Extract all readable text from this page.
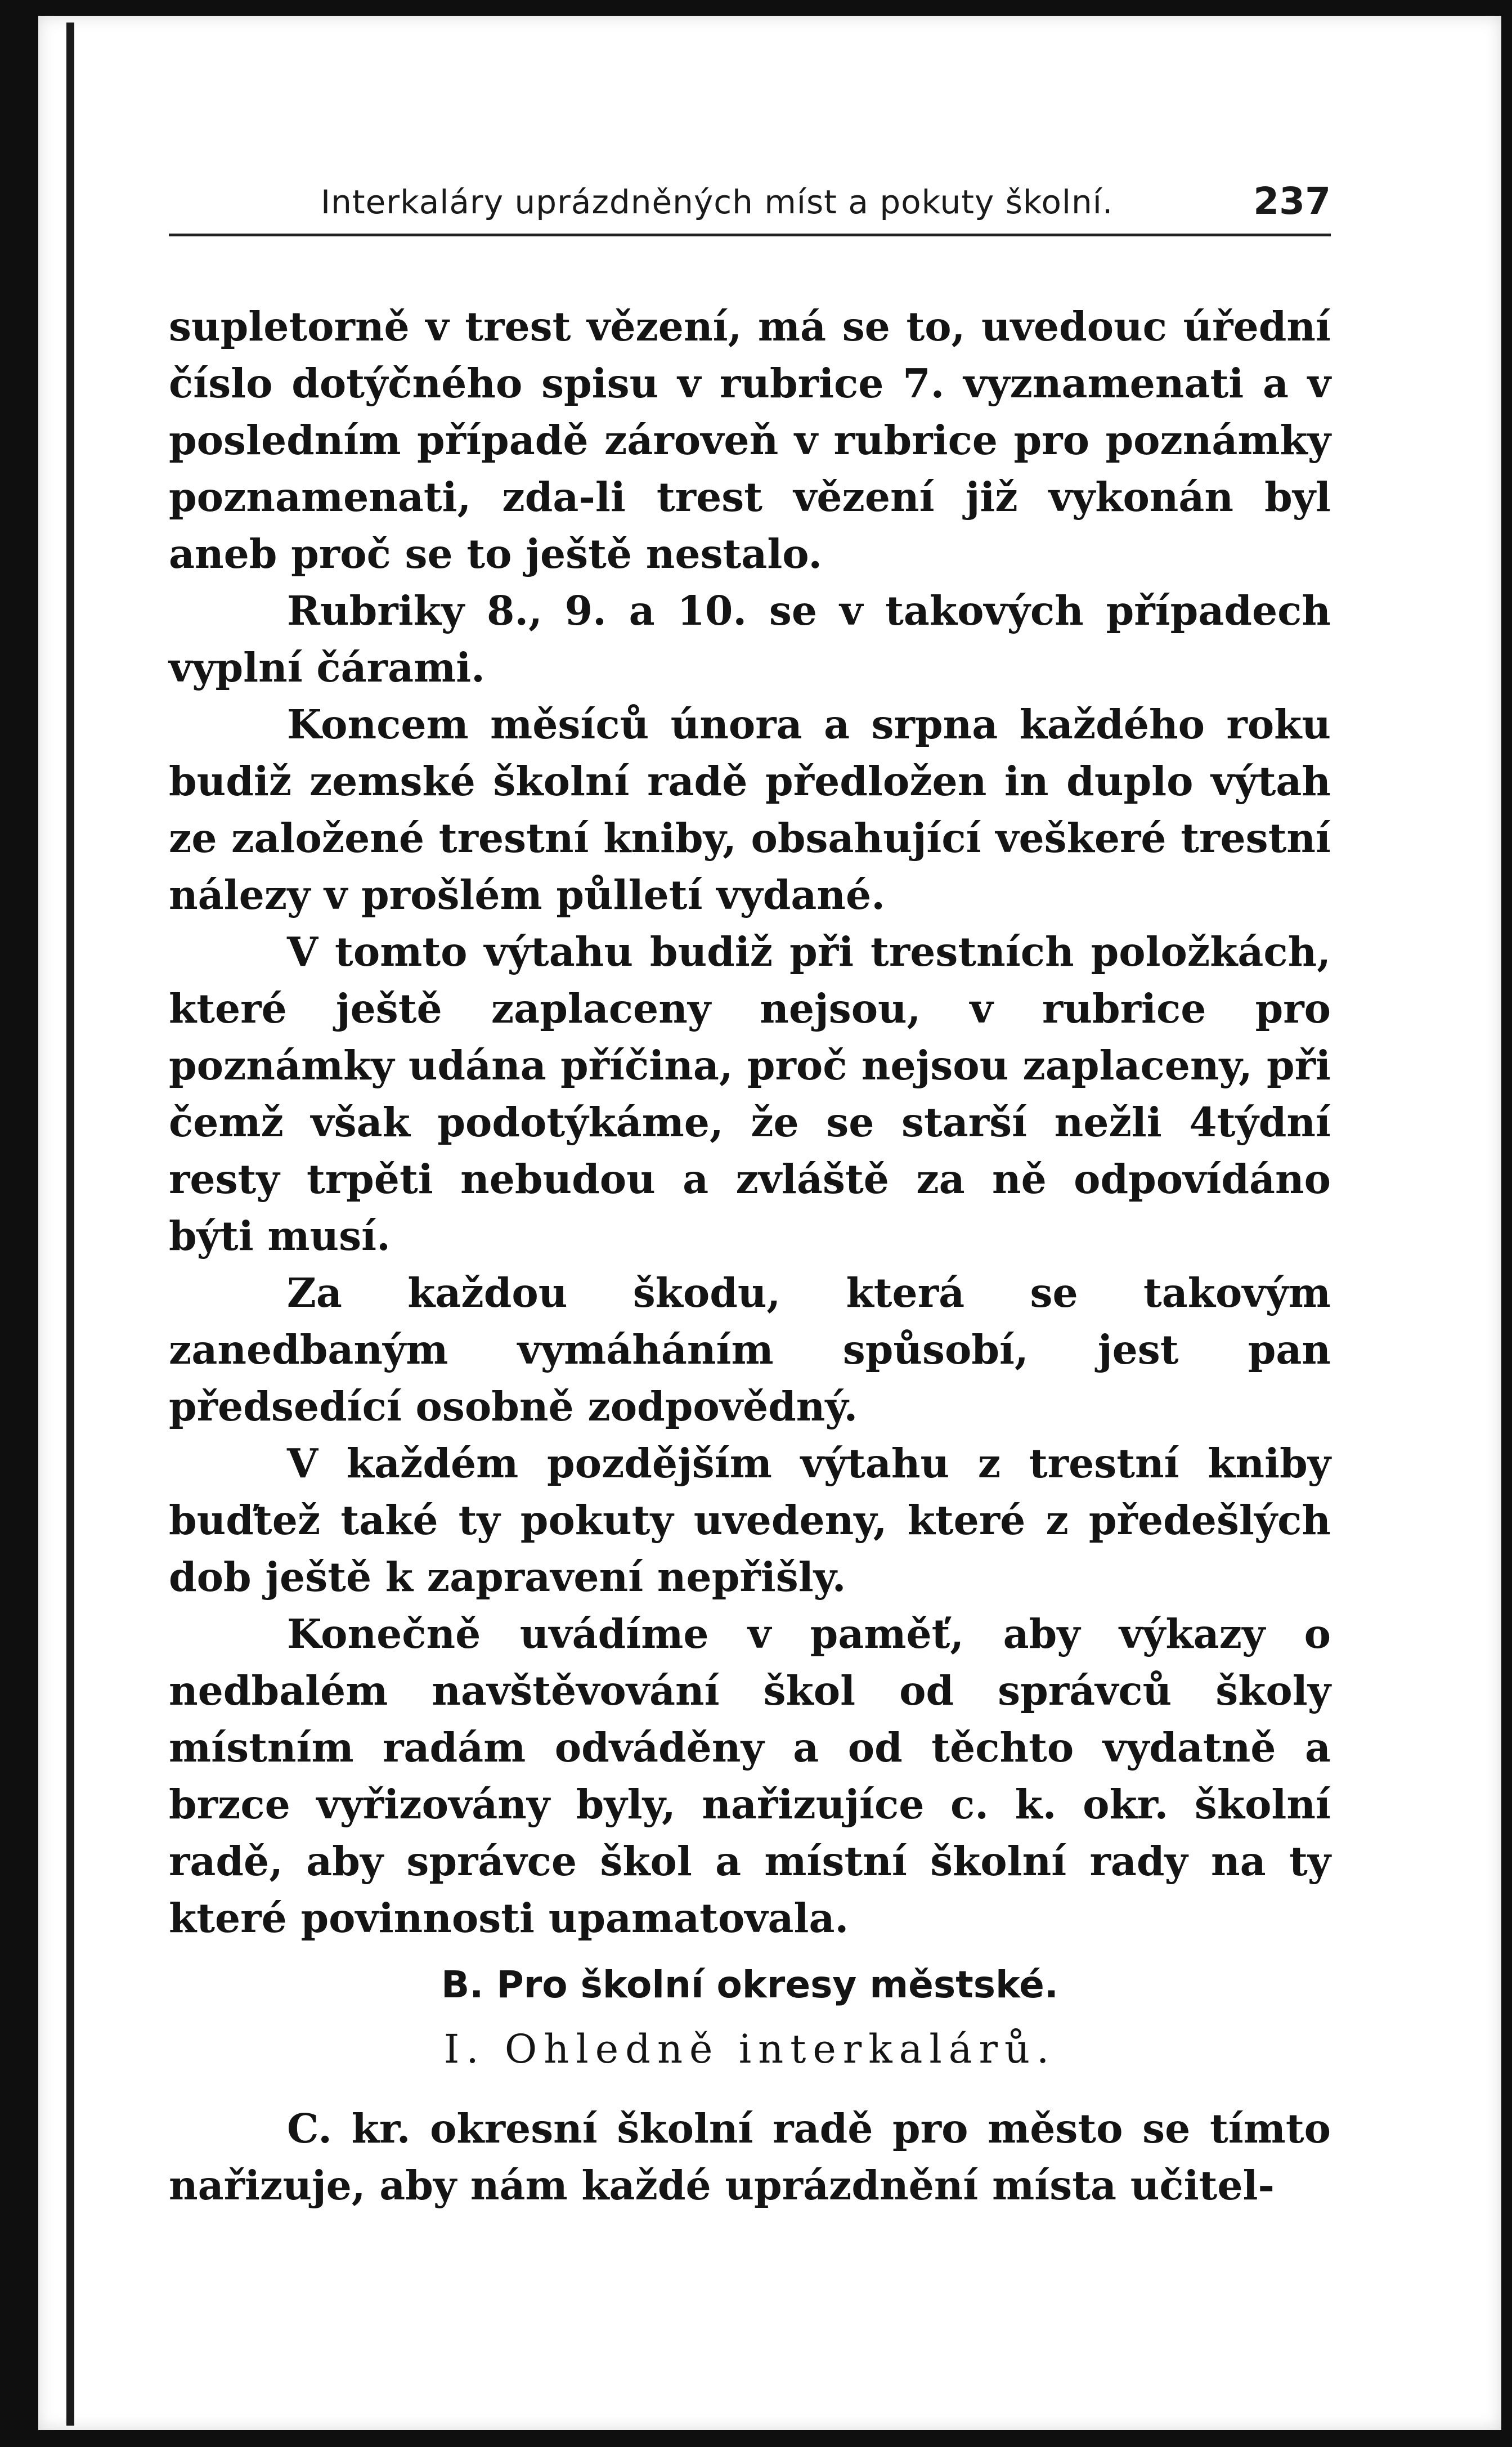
Interkaláry uprázdněných míst a pokuty školní.	237

supletorně v trest vězení, má se to, uvedouc úřední číslo dotýčného spisu v rubrice 7. vyznamenati a v posledním případě zároveň v rubrice pro poznámky poznamenati, zda-li trest vězení již vykonán byl aneb proč se to ještě nestalo.

Rubriky 8., 9. a 10. se v takových případech vyplní čárami.

Koncem měsíců února a srpna každého roku budiž zemské školní radě předložen in duplo výtah ze založené trestní kniby, obsahující veškeré trestní nálezy v prošlém půlletí vydané.

V tomto výtahu budiž při trestních položkách, které ještě zaplaceny nejsou, v rubrice pro poznámky udána příčina, proč nejsou zaplaceny, při čemž však podotýkáme, že se starší nežli 4týdní resty trpěti nebudou a zvláště za ně odpovídáno býti musí.

Za každou škodu, která se takovým zanedbaným vymáháním spůsobí, jest pan předsedící osobně zodpovědný.

V každém pozdějším výtahu z trestní kniby buďtež také ty pokuty uvedeny, které z předešlých dob ještě k zapravení nepřišly.

Konečně uvádíme v paměť, aby výkazy o nedbalém navštěvování škol od správců školy místním radám odváděny a od těchto vydatně a brzce vyřizovány byly, nařizujíce c. k. okr. školní radě, aby správce škol a místní školní rady na ty které povinnosti upamatovala.

B. Pro školní okresy městské.
I. Ohledně interkalárů.

C. kr. okresní školní radě pro město se tímto nařizuje, aby nám každé uprázdnění místa učitel-
